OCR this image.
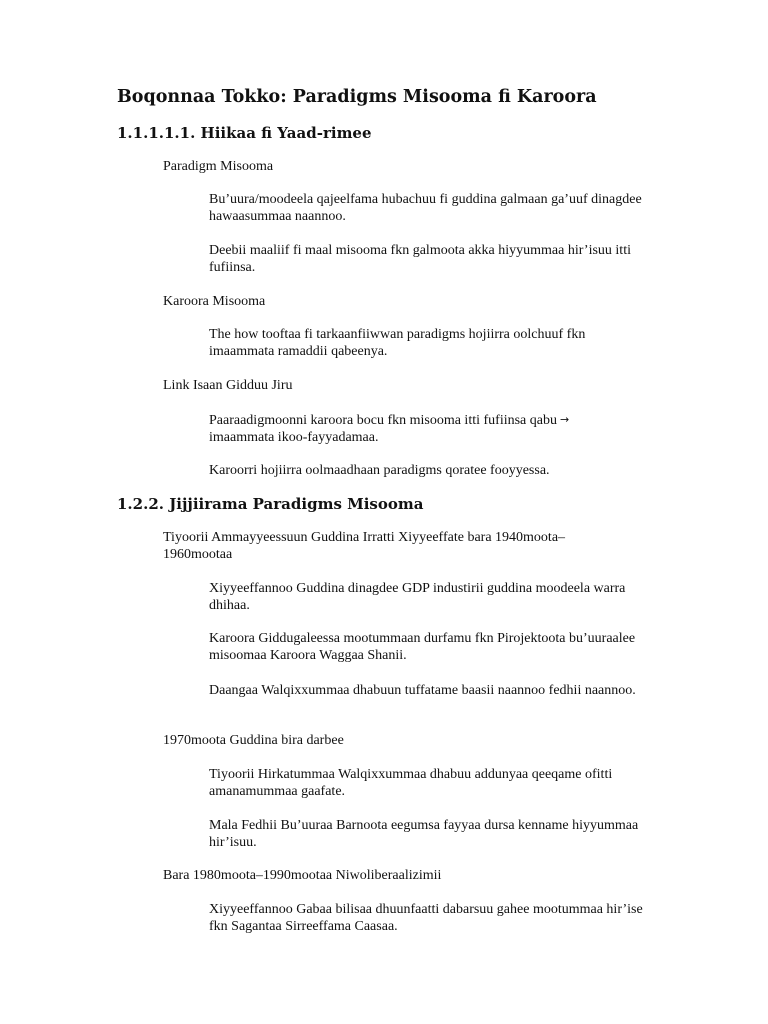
Boqonnaa Tokko: Paradigms Misooma fi Karoora
1.1.1.1.1. Hiikaa fi Yaad-rimee

Paradigm Misooma

Bu’uura/moodeela qajeelfama hubachuu fi guddina galmaan ga’uuf dinagdee hawaasummaa naannoo.

Deebii maaliif fi maal misooma fkn galmoota akka hiyyummaa hir’isuu itti fufiinsa.

Karoora Misooma

The how tooftaa fi tarkaanfiiwwan paradigms hojiirra oolchuuf fkn imaammata ramaddii qabeenya.

Link Isaan Gidduu Jiru

Paaraadigmoonni karoora bocu fkn misooma itti fufiinsa qabu →
imaammata ikoo-fayyadamaa.

Karoorri hojiirra oolmaadhaan paradigms qoratee fooyyessa.

1.2.2. Jijjiirama Paradigms Misooma

Tiyoorii Ammayyeessuun Guddina Irratti Xiyyeeffate bara 1940moota–1960mootaa

Xiyyeeffannoo Guddina dinagdee GDP industirii guddina moodeela warra dhihaa.

Karoora Giddugaleessa mootummaan durfamu fkn Pirojektoota bu’uuraalee misoomaa Karoora Waggaa Shanii.

Daangaa Walqixxummaa dhabuun tuffatame baasii naannoo fedhii naannoo.

1970moota Guddina bira darbee

Tiyoorii Hirkatummaa Walqixxummaa dhabuu addunyaa qeeqame ofitti amanamummaa gaafate.

Mala Fedhii Bu’uuraa Barnoota eegumsa fayyaa dursa kenname hiyyummaa hir’isuu.

Bara 1980moota–1990mootaa Niwoliberaalizimii

Xiyyeeffannoo Gabaa bilisaa dhuunfaatti dabarsuu gahee mootummaa hir’ise fkn Sagantaa Sirreeffama Caasaa.
